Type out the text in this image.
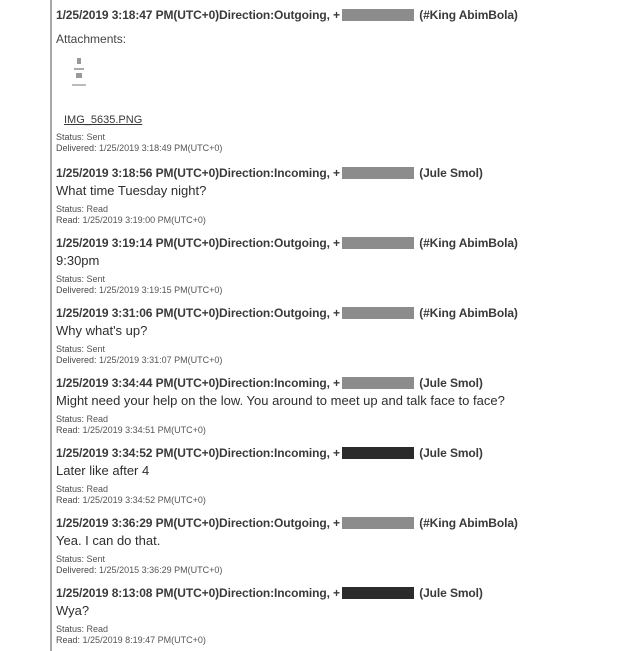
1/25/2019 3:18:47 PM(UTC+0)Direction:Outgoing, +	(#King AbimBola)
Attachments:
IMG_5635.PNG
Status: Sent
Delivered: 1/25/2019 3:18:49 PM(UTC+0)
1/25/2019 3:18:56 PM(UTC+0)Direction:Incoming, +	(Jule Smol)
What time Tuesday night?
Status: Read
Read: 1/25/2019 3:19:00 PM(UTC+0)
1/25/2019 3:19:14 PM(UTC+0)Direction:Outgoing, +	(#King AbimBola)
9:30pm
Status: Sent
Delivered: 1/25/2019 3:19:15 PM(UTC+0)
1/25/2019 3:31:06 PM(UTC+0)Direction:Outgoing, +	(#King AbimBola)
Why what's up?
Status: Sent
Delivered: 1/25/2019 3:31:07 PM(UTC+0)
1/25/2019 3:34:44 PM(UTC+0)Direction:Incoming, +	(Jule Smol)
Might need your help on the low. You around to meet up and talk face to face?
Status: Read
Read: 1/25/2019 3:34:51 PM(UTC+0)
1/25/2019 3:34:52 PM(UTC+0)Direction:Incoming, +	(Jule Smol)
Later like after 4
Status: Read
Read: 1/25/2019 3:34:52 PM(UTC+0)
1/25/2019 3:36:29 PM(UTC+0)Direction:Outgoing, +	(#King AbimBola)
Yea. I can do that.
Status: Sent
Delivered: 1/25/2015 3:36:29 PM(UTC+0)
1/25/2019 8:13:08 PM(UTC+0)Direction:Incoming, +	(Jule Smol)
Wya?
Status: Read
Read: 1/25/2019 8:19:47 PM(UTC+0)
